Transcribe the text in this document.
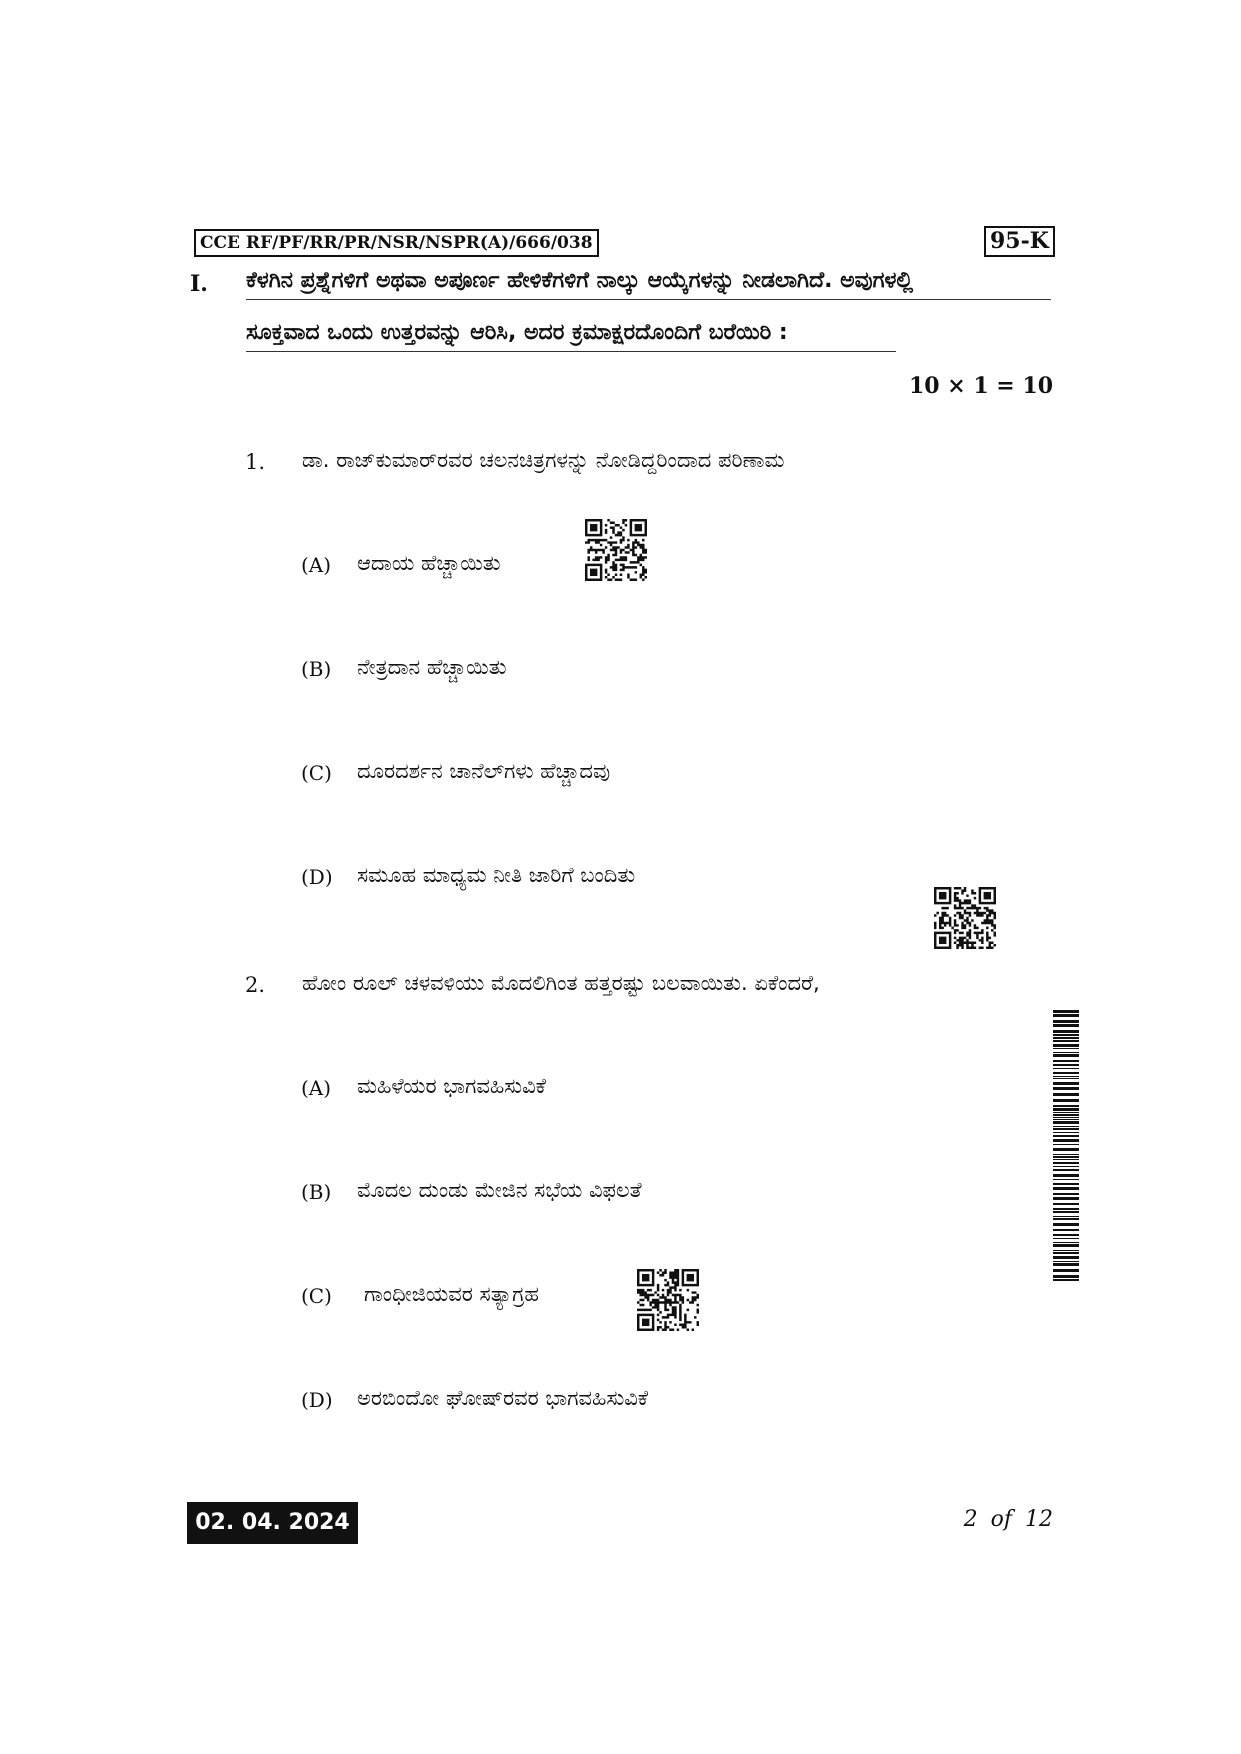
CCE RF/PF/RR/PR/NSR/NSPR(A)/666/038	95-K
I. ಕೆಳಗಿನ ಪ್ರಶ್ನೆಗಳಿಗೆ ಅಥವಾ ಅಪೂರ್ಣ ಹೇಳಿಕೆಗಳಿಗೆ ನಾಲ್ಕು ಆಯ್ಕೆಗಳನ್ನು ನೀಡಲಾಗಿದೆ. ಅವುಗಳಲ್ಲಿ
ಸೂಕ್ತವಾದ ಒಂದು ಉತ್ತರವನ್ನು ಆರಿಸಿ, ಅದರ ಕ್ರಮಾಕ್ಷರದೊಂದಿಗೆ ಬರೆಯಿರಿ :
10 × 1 = 10
1. ಡಾ. ರಾಜ್‌ಕುಮಾರ್‌ರವರ ಚಲನಚಿತ್ರಗಳನ್ನು ನೋಡಿದ್ದರಿಂದಾದ ಪರಿಣಾಮ
(A) ಆದಾಯ ಹೆಚ್ಚಾಯಿತು
(B) ನೇತ್ರದಾನ ಹೆಚ್ಚಾಯಿತು
(C) ದೂರದರ್ಶನ ಚಾನೆಲ್‌ಗಳು ಹೆಚ್ಚಾದವು
(D) ಸಮೂಹ ಮಾಧ್ಯಮ ನೀತಿ ಜಾರಿಗೆ ಬಂದಿತು
2. ಹೋಂ ರೂಲ್ ಚಳವಳಿಯು ಮೊದಲಿಗಿಂತ ಹತ್ತರಷ್ಟು ಬಲವಾಯಿತು. ಏಕೆಂದರೆ,
(A) ಮಹಿಳೆಯರ ಭಾಗವಹಿಸುವಿಕೆ
(B) ಮೊದಲ ದುಂಡು ಮೇಜಿನ ಸಭೆಯ ವಿಫಲತೆ
(C) ಗಾಂಧೀಜಿಯವರ ಸತ್ಯಾಗ್ರಹ
(D) ಅರಬಿಂದೋ ಘೋಷ್‌ರವರ ಭಾಗವಹಿಸುವಿಕೆ
02. 04. 2024	2 of 12
